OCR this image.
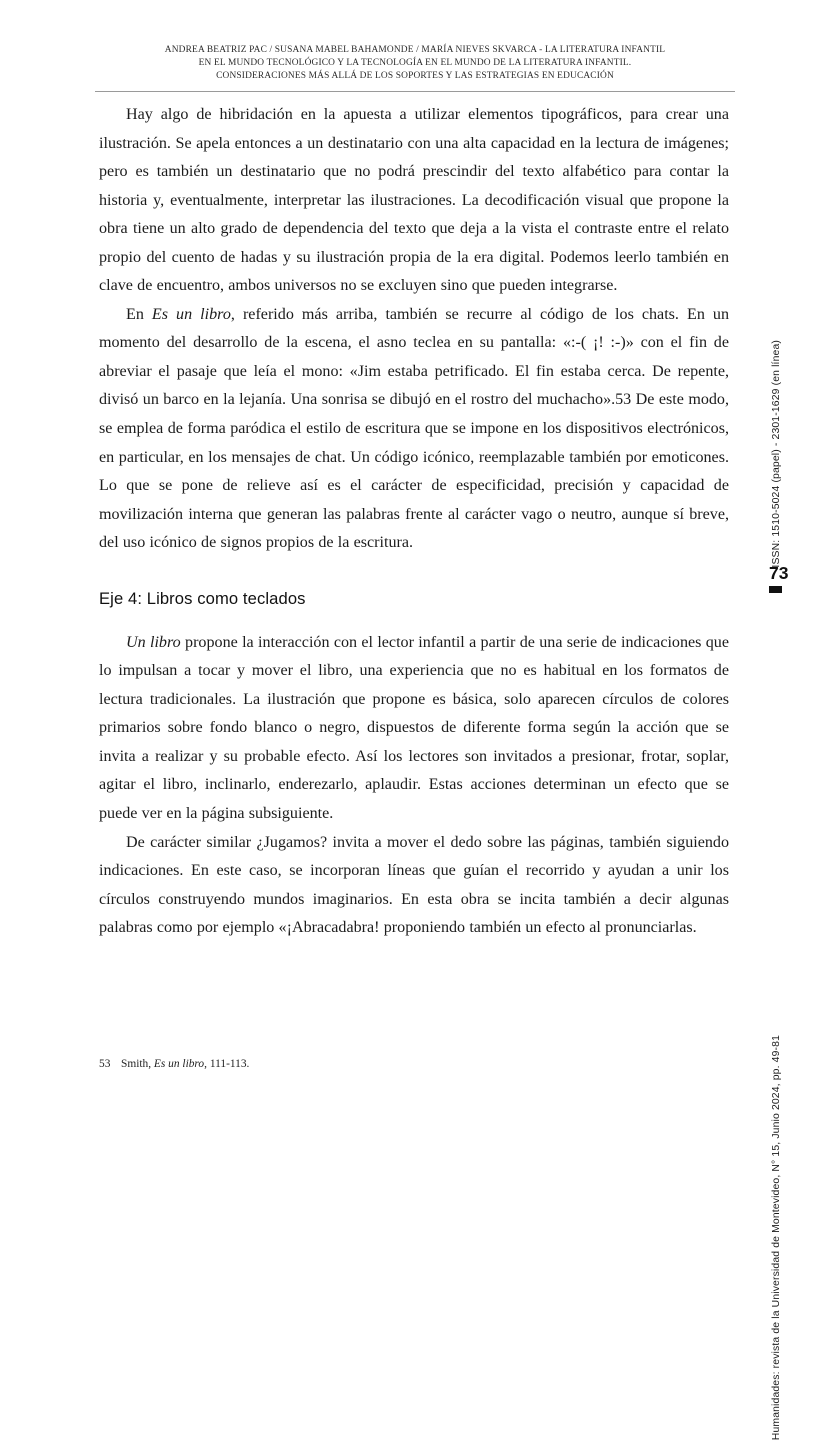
ANDREA BEATRIZ PAC / SUSANA MABEL BAHAMONDE / MARÍA NIEVES SKVARCA - LA LITERATURA INFANTIL
EN EL MUNDO TECNOLÓGICO Y LA TECNOLOGÍA EN EL MUNDO DE LA LITERATURA INFANTIL.
CONSIDERACIONES MÁS ALLÁ DE LOS SOPORTES Y LAS ESTRATEGIAS EN EDUCACIÓN

Hay algo de hibridación en la apuesta a utilizar elementos tipográficos, para crear una ilustración. Se apela entonces a un destinatario con una alta capacidad en la lectura de imágenes; pero es también un destinatario que no podrá prescindir del texto alfabético para contar la historia y, eventualmente, interpretar las ilustraciones. La decodificación visual que propone la obra tiene un alto grado de dependencia del texto que deja a la vista el contraste entre el relato propio del cuento de hadas y su ilustración propia de la era digital. Podemos leerlo también en clave de encuentro, ambos universos no se excluyen sino que pueden integrarse.

En Es un libro, referido más arriba, también se recurre al código de los chats. En un momento del desarrollo de la escena, el asno teclea en su pantalla: «:-( ¡! :-)» con el fin de abreviar el pasaje que leía el mono: «Jim estaba petrificado. El fin estaba cerca. De repente, divisó un barco en la lejanía. Una sonrisa se dibujó en el rostro del muchacho».53 De este modo, se emplea de forma paródica el estilo de escritura que se impone en los dispositivos electrónicos, en particular, en los mensajes de chat. Un código icónico, reemplazable también por emoticones. Lo que se pone de relieve así es el carácter de especificidad, precisión y capacidad de movilización interna que generan las palabras frente al carácter vago o neutro, aunque sí breve, del uso icónico de signos propios de la escritura.

Eje 4: Libros como teclados

Un libro propone la interacción con el lector infantil a partir de una serie de indicaciones que lo impulsan a tocar y mover el libro, una experiencia que no es habitual en los formatos de lectura tradicionales. La ilustración que propone es básica, solo aparecen círculos de colores primarios sobre fondo blanco o negro, dispuestos de diferente forma según la acción que se invita a realizar y su probable efecto. Así los lectores son invitados a presionar, frotar, soplar, agitar el libro, inclinarlo, enderezarlo, aplaudir. Estas acciones determinan un efecto que se puede ver en la página subsiguiente.

De carácter similar ¿Jugamos? invita a mover el dedo sobre las páginas, también siguiendo indicaciones. En este caso, se incorporan líneas que guían el recorrido y ayudan a unir los círculos construyendo mundos imaginarios. En esta obra se incita también a decir algunas palabras como por ejemplo «¡Abracadabra! proponiendo también un efecto al pronunciarlas.

53 Smith, Es un libro, 111-113.
ISSN: 1510-5024 (papel) - 2301-1629 (en línea)
Humanidades: revista de la Universidad de Montevideo, N° 15, Junio 2024, pp. 49-81
73
